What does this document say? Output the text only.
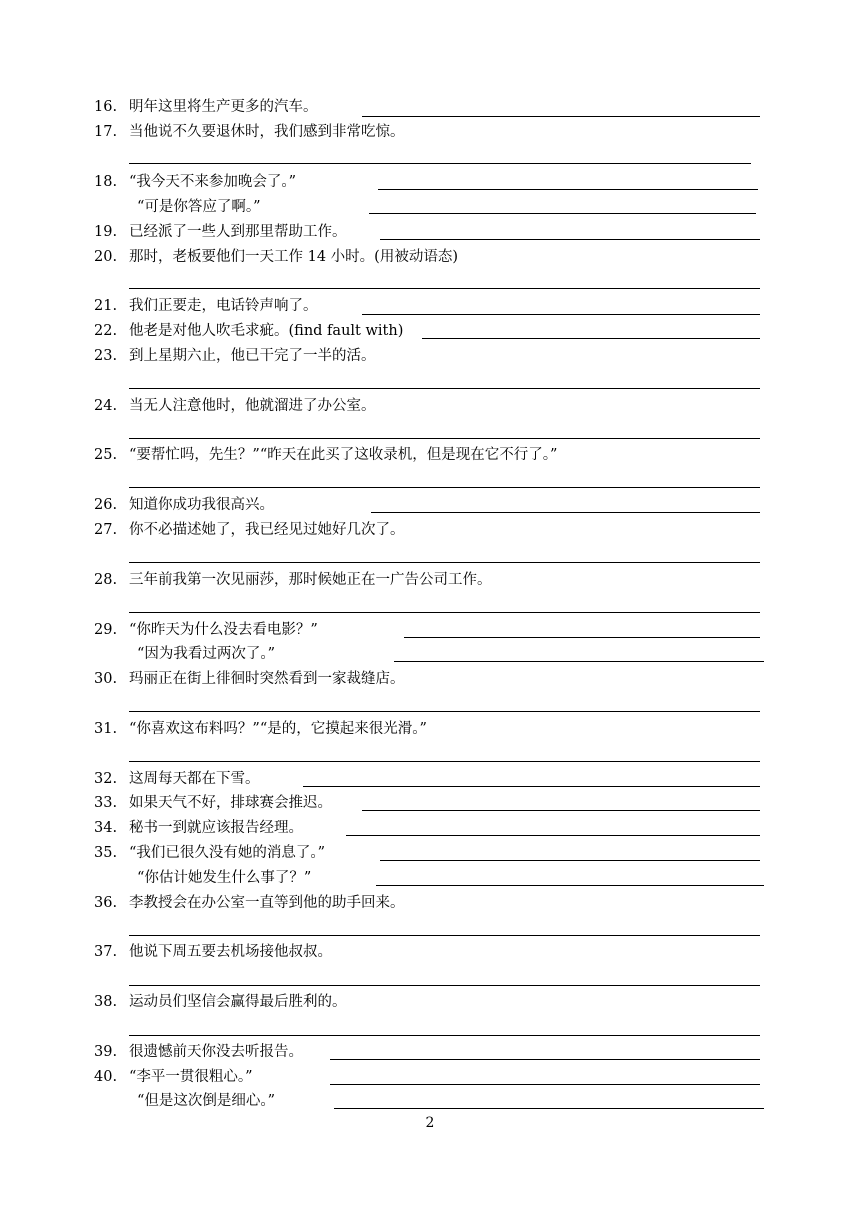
16. 明年这里将生产更多的汽车。
17. 当他说不久要退休时，我们感到非常吃惊。
18. “我今天不来参加晚会了。”
“可是你答应了啊。”
19. 已经派了一些人到那里帮助工作。
20. 那时，老板要他们一天工作 14 小时。(用被动语态)
21. 我们正要走，电话铃声响了。
22. 他老是对他人吹毛求疵。(find fault with)
23. 到上星期六止，他已干完了一半的活。
24. 当无人注意他时，他就溜进了办公室。
25. “要帮忙吗，先生？”“昨天在此买了这收录机，但是现在它不行了。”
26. 知道你成功我很高兴。
27. 你不必描述她了，我已经见过她好几次了。
28. 三年前我第一次见丽莎，那时候她正在一广告公司工作。
29. “你昨天为什么没去看电影？”
“因为我看过两次了。”
30. 玛丽正在街上徘徊时突然看到一家裁缝店。
31. “你喜欢这布料吗？”“是的，它摸起来很光滑。”
32. 这周每天都在下雪。
33. 如果天气不好，排球赛会推迟。
34. 秘书一到就应该报告经理。
35. “我们已很久没有她的消息了。”
“你估计她发生什么事了？”
36. 李教授会在办公室一直等到他的助手回来。
37. 他说下周五要去机场接他叔叔。
38. 运动员们坚信会赢得最后胜利的。
39. 很遗憾前天你没去听报告。
40. “李平一贯很粗心。”
“但是这次倒是细心。”
2
